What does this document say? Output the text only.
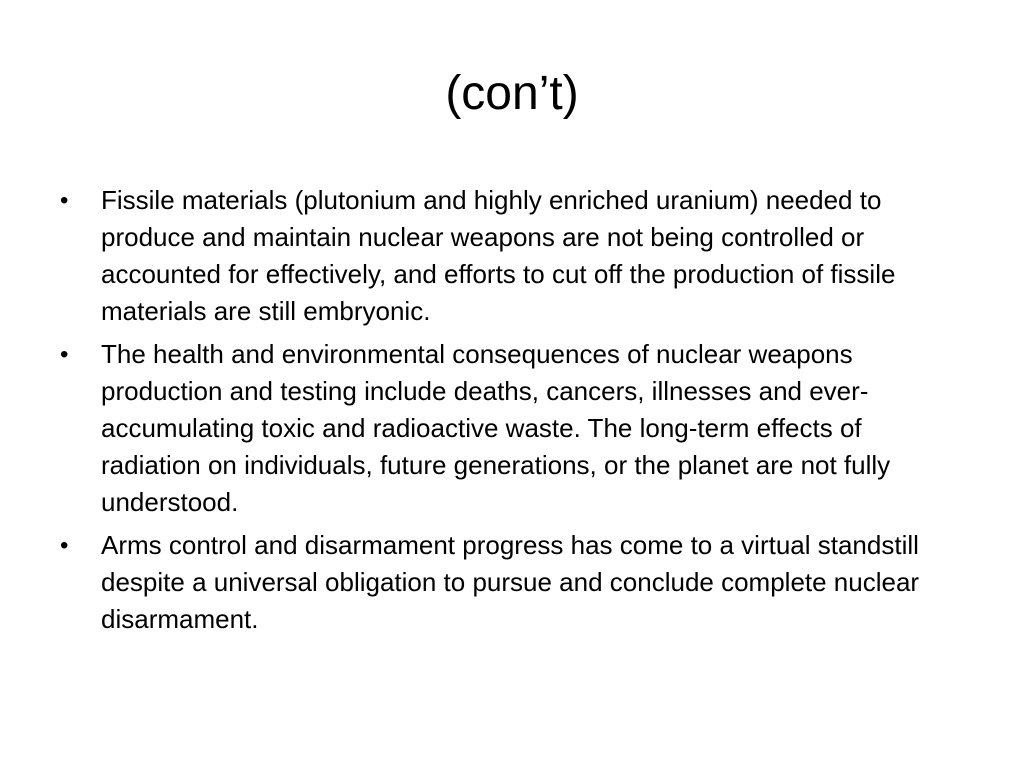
(con’t)
• Fissile materials (plutonium and highly enriched uranium) needed to produce and maintain nuclear weapons are not being controlled or accounted for effectively, and efforts to cut off the production of fissile materials are still embryonic.
• The health and environmental consequences of nuclear weapons production and testing include deaths, cancers, illnesses and ever-accumulating toxic and radioactive waste. The long-term effects of radiation on individuals, future generations, or the planet are not fully understood.
• Arms control and disarmament progress has come to a virtual standstill despite a universal obligation to pursue and conclude complete nuclear disarmament.
